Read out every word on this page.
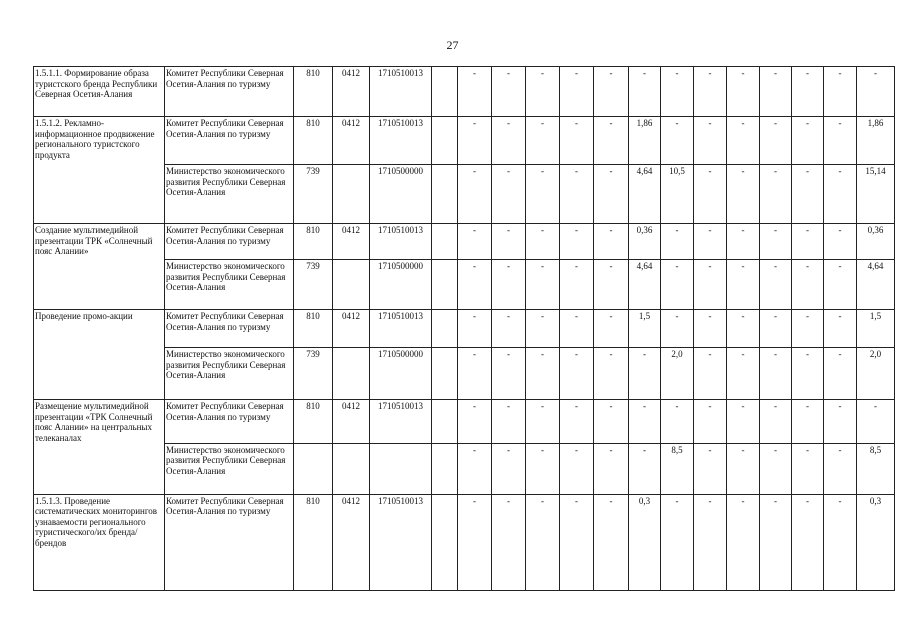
27
1.5.1.1. Формирование образа туристского бренда Республики Северная Осетия-Алания	Комитет Республики Северная Осетия-Алания по туризму	810	0412	1710510013		-	-	-	-	-	-	-	-	-	-	-	-	-
1.5.1.2. Рекламно-информационное продвижение регионального туристского продукта	Комитет Республики Северная Осетия-Алания по туризму	810	0412	1710510013		-	-	-	-	-	1,86	-	-	-	-	-	-	1,86
	Министерство экономического развития Республики Северная Осетия-Алания	739		1710500000		-	-	-	-	-	4,64	10,5	-	-	-	-	-	15,14
Создание мультимедийной презентации ТРК «Солнечный пояс Алании»	Комитет Республики Северная Осетия-Алания по туризму	810	0412	1710510013		-	-	-	-	-	0,36	-	-	-	-	-	-	0,36
	Министерство экономического развития Республики Северная Осетия-Алания	739		1710500000		-	-	-	-	-	4,64	-	-	-	-	-	-	4,64
Проведение промо-акции	Комитет Республики Северная Осетия-Алания по туризму	810	0412	1710510013		-	-	-	-	-	1,5	-	-	-	-	-	-	1,5
	Министерство экономического развития Республики Северная Осетия-Алания	739		1710500000		-	-	-	-	-	-	2,0	-	-	-	-	-	2,0
Размещение мультимедийной презентации «ТРК Солнечный пояс Алании» на центральных телеканалах	Комитет Республики Северная Осетия-Алания по туризму	810	0412	1710510013		-	-	-	-	-	-	-	-	-	-	-	-	-
	Министерство экономического развития Республики Северная Осетия-Алания					-	-	-	-	-	-	8,5	-	-	-	-	-	8,5
1.5.1.3. Проведение систематических мониторингов узнаваемости регионального туристического/их бренда/брендов	Комитет Республики Северная Осетия-Алания по туризму	810	0412	1710510013		-	-	-	-	-	0,3	-	-	-	-	-	-	0,3
